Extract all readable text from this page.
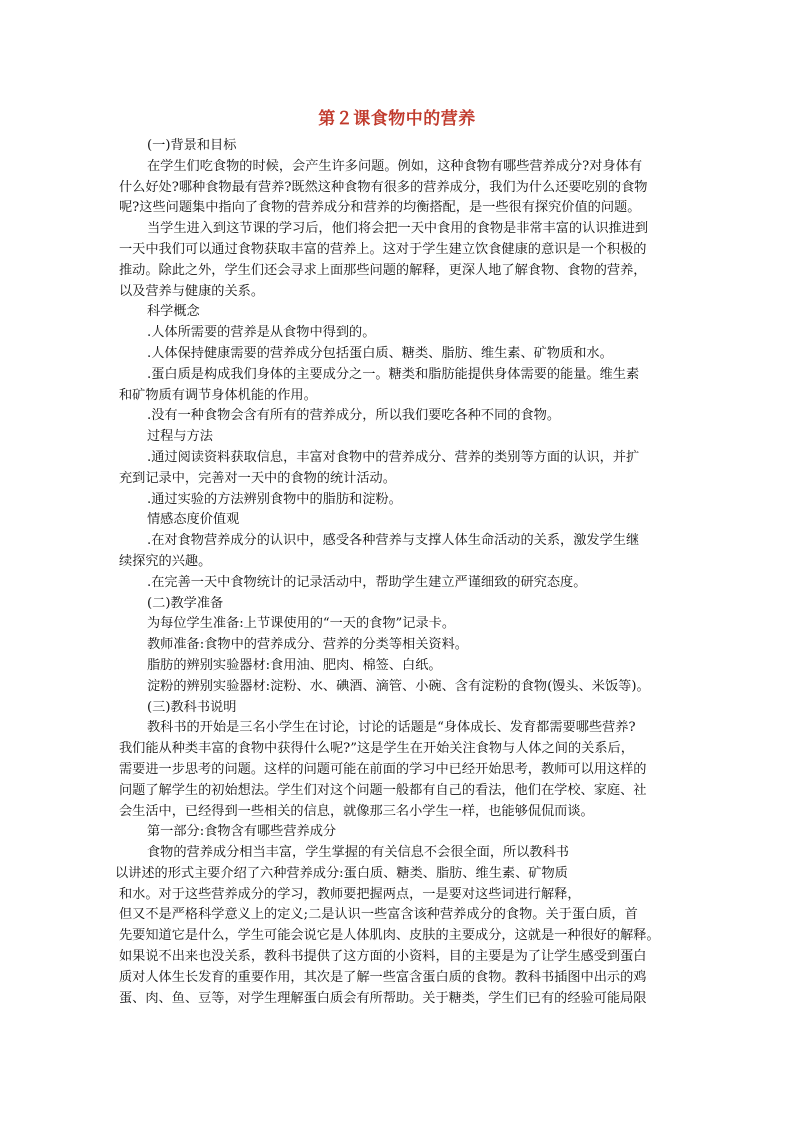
第２课食物中的营养
(一)背景和目标
在学生们吃食物的时候，会产生许多问题。例如，这种食物有哪些营养成分?对身体有
什么好处?哪种食物最有营养?既然这种食物有很多的营养成分，我们为什么还要吃别的食物
呢?这些问题集中指向了食物的营养成分和营养的均衡搭配，是一些很有探究价值的问题。
当学生进入到这节课的学习后，他们将会把一天中食用的食物是非常丰富的认识推进到
一天中我们可以通过食物获取丰富的营养上。这对于学生建立饮食健康的意识是一个积极的
推动。除此之外，学生们还会寻求上面那些问题的解释，更深人地了解食物、食物的营养，
以及营养与健康的关系。
科学概念
.人体所需要的营养是从食物中得到的。
.人体保持健康需要的营养成分包括蛋白质、糖类、脂肪、维生素、矿物质和水。
.蛋白质是构成我们身体的主要成分之一。糖类和脂肪能提供身体需要的能量。维生素
和矿物质有调节身体机能的作用。
.没有一种食物会含有所有的营养成分，所以我们要吃各种不同的食物。
过程与方法
.通过阅读资料获取信息，丰富对食物中的营养成分、营养的类别等方面的认识，并扩
充到记录中，完善对一天中的食物的统计活动。
.通过实验的方法辨别食物中的脂肪和淀粉。
情感态度价值观
.在对食物营养成分的认识中，感受各种营养与支撑人体生命活动的关系，激发学生继
续探究的兴趣。
.在完善一天中食物统计的记录活动中，帮助学生建立严谨细致的研究态度。
(二)教学准备
为每位学生准备:上节课使用的“一天的食物”记录卡。
教师准备:食物中的营养成分、营养的分类等相关资料。
脂肪的辨别实验器材:食用油、肥肉、棉签、白纸。
淀粉的辨别实验器材:淀粉、水、碘酒、滴管、小碗、含有淀粉的食物(馒头、米饭等)。
(三)教科书说明
教科书的开始是三名小学生在讨论，讨论的话题是“身体成长、发育都需要哪些营养?
我们能从种类丰富的食物中获得什么呢?”这是学生在开始关注食物与人体之间的关系后，
需要进一步思考的问题。这样的问题可能在前面的学习中已经开始思考，教师可以用这样的
问题了解学生的初始想法。学生们对这个问题一般都有自己的看法，他们在学校、家庭、社
会生活中，已经得到一些相关的信息，就像那三名小学生一样，也能够侃侃而谈。
第一部分:食物含有哪些营养成分
食物的营养成分相当丰富，学生掌握的有关信息不会很全面，所以教科书
以讲述的形式主要介绍了六种营养成分:蛋白质、糖类、脂肪、维生素、矿物质
和水。对于这些营养成分的学习，教师要把握两点，一是要对这些词进行解释，
但又不是严格科学意义上的定义;二是认识一些富含该种营养成分的食物。关于蛋白质，首
先要知道它是什么，学生可能会说它是人体肌肉、皮肤的主要成分，这就是一种很好的解释。
如果说不出来也没关系，教科书提供了这方面的小资料，目的主要是为了让学生感受到蛋白
质对人体生长发育的重要作用，其次是了解一些富含蛋白质的食物。教科书插图中出示的鸡
蛋、肉、鱼、豆等，对学生理解蛋白质会有所帮助。关于糖类，学生们已有的经验可能局限
